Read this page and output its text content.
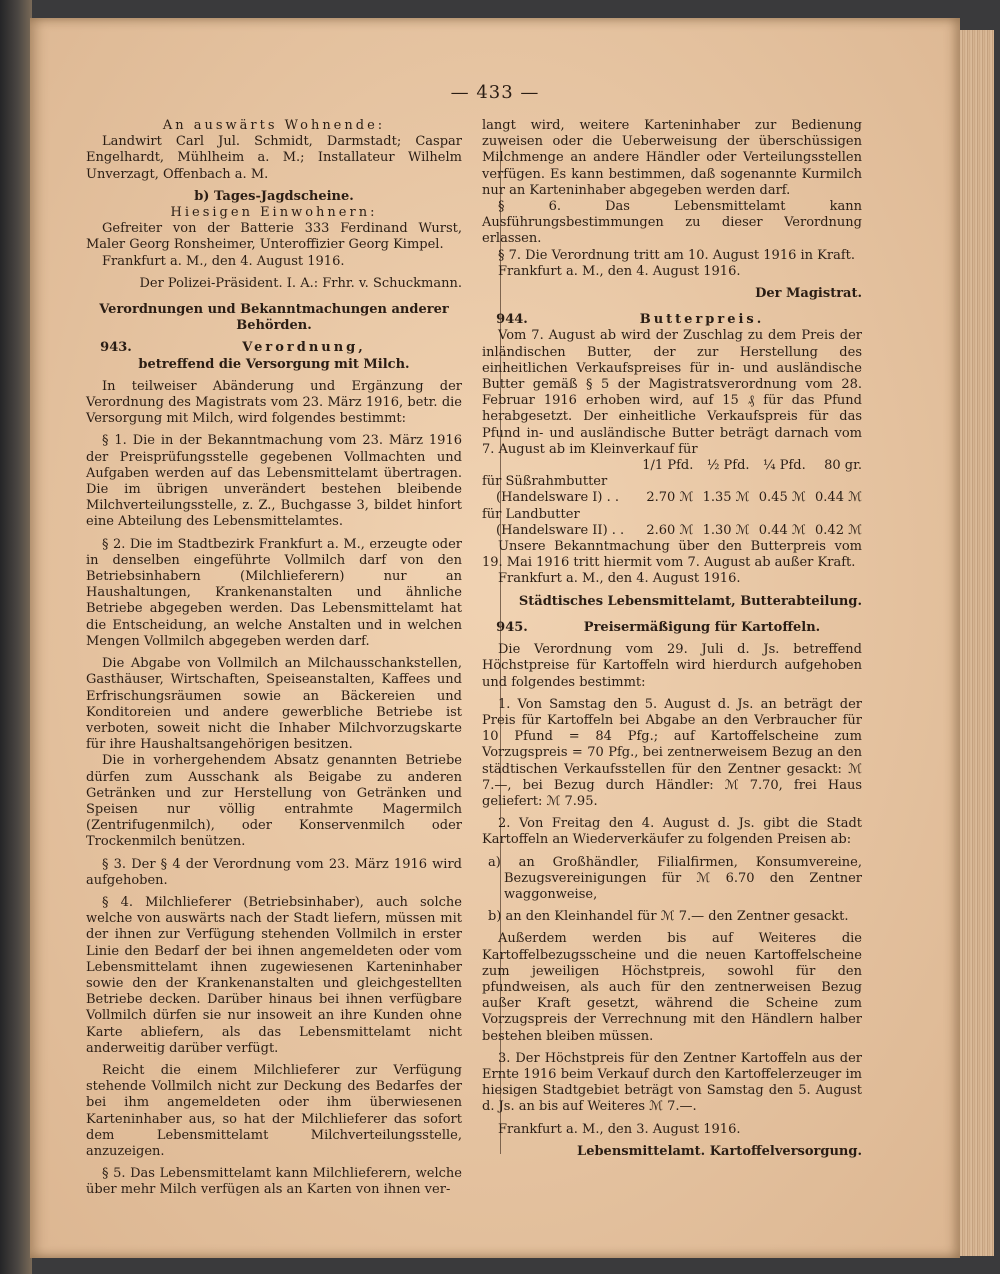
— 433 —

An auswärts Wohnende:

Landwirt Carl Jul. Schmidt, Darmstadt; Caspar Engelhardt, Mühlheim a. M.; Installateur Wilhelm Unverzagt, Offenbach a. M.

b) Tages-Jagdscheine.

Hiesigen Einwohnern:

Gefreiter von der Batterie 333 Ferdinand Wurst, Maler Georg Ronsheimer, Unteroffizier Georg Kimpel.

Frankfurt a. M., den 4. August 1916.

Der Polizei-Präsident. I. A.: Frhr. v. Schuckmann.

Verordnungen und Bekanntmachungen anderer Behörden.

943.	Verordnung,
betreffend die Versorgung mit Milch.

In teilweiser Abänderung und Ergänzung der Verordnung des Magistrats vom 23. März 1916, betr. die Versorgung mit Milch, wird folgendes bestimmt:

§ 1. Die in der Bekanntmachung vom 23. März 1916 der Preisprüfungsstelle gegebenen Vollmachten und Aufgaben werden auf das Lebensmittelamt übertragen. Die im übrigen unverändert bestehen bleibende Milchverteilungsstelle, z. Z., Buchgasse 3, bildet hinfort eine Abteilung des Lebensmittelamtes.

§ 2. Die im Stadtbezirk Frankfurt a. M., erzeugte oder in denselben eingeführte Vollmilch darf von den Betriebsinhabern (Milchlieferern) nur an Haushaltungen, Krankenanstalten und ähnliche Betriebe abgegeben werden. Das Lebensmittelamt hat die Entscheidung, an welche Anstalten und in welchen Mengen Vollmilch abgegeben werden darf.

Die Abgabe von Vollmilch an Milchausschankstellen, Gasthäuser, Wirtschaften, Speiseanstalten, Kaffees und Erfrischungsräumen sowie an Bäckereien und Konditoreien und andere gewerbliche Betriebe ist verboten, soweit nicht die Inhaber Milchvorzugskarte für ihre Haushaltsangehörigen besitzen.

Die in vorhergehendem Absatz genannten Betriebe dürfen zum Ausschank als Beigabe zu anderen Getränken und zur Herstellung von Getränken und Speisen nur völlig entrahmte Magermilch (Zentrifugenmilch), oder Konservenmilch oder Trockenmilch benützen.

§ 3. Der § 4 der Verordnung vom 23. März 1916 wird aufgehoben.

§ 4. Milchlieferer (Betriebsinhaber), auch solche welche von auswärts nach der Stadt liefern, müssen mit der ihnen zur Verfügung stehenden Vollmilch in erster Linie den Bedarf der bei ihnen angemeldeten oder vom Lebensmittelamt ihnen zugewiesenen Karteninhaber sowie den der Krankenanstalten und gleichgestellten Betriebe decken. Darüber hinaus bei ihnen verfügbare Vollmilch dürfen sie nur insoweit an ihre Kunden ohne Karte abliefern, als das Lebensmittelamt nicht anderweitig darüber verfügt.

Reicht die einem Milchlieferer zur Verfügung stehende Vollmilch nicht zur Deckung des Bedarfes der bei ihm angemeldeten oder ihm überwiesenen Karteninhaber aus, so hat der Milchlieferer das sofort dem Lebensmittelamt Milchverteilungsstelle, anzuzeigen.

§ 5. Das Lebensmittelamt kann Milchlieferern, welche über mehr Milch verfügen als an Karten von ihnen ver-

langt wird, weitere Karteninhaber zur Bedienung zuweisen oder die Ueberweisung der überschüssigen Milchmenge an andere Händler oder Verteilungsstellen verfügen. Es kann bestimmen, daß sogenannte Kurmilch nur an Karteninhaber abgegeben werden darf.

§ 6. Das Lebensmittelamt kann Ausführungsbestimmungen zu dieser Verordnung erlassen.

§ 7. Die Verordnung tritt am 10. August 1916 in Kraft.

Frankfurt a. M., den 4. August 1916.

Der Magistrat.

944.	Butterpreis.

Vom 7. August ab wird der Zuschlag zu dem Preis der inländischen Butter, der zur Herstellung des einheitlichen Verkaufspreises für in- und ausländische Butter gemäß § 5 der Magistratsverordnung vom 28. Februar 1916 erhoben wird, auf 15 ₰ für das Pfund herabgesetzt. Der einheitliche Verkaufspreis für das Pfund in- und ausländische Butter beträgt darnach vom 7. August ab im Kleinverkauf für

	1/1 Pfd.	½ Pfd.	¼ Pfd.	80 gr.
für Süßrahmbutter				
(Handelsware I) . .	2.70 ℳ	1.35 ℳ	0.45 ℳ	0.44 ℳ
für Landbutter				
(Handelsware II) . .	2.60 ℳ	1.30 ℳ	0.44 ℳ	0.42 ℳ

Unsere Bekanntmachung über den Butterpreis vom 19. Mai 1916 tritt hiermit vom 7. August ab außer Kraft.

Frankfurt a. M., den 4. August 1916.

Städtisches Lebensmittelamt, Butterabteilung.

945.	Preisermäßigung für Kartoffeln.

Die Verordnung vom 29. Juli d. Js. betreffend Höchstpreise für Kartoffeln wird hierdurch aufgehoben und folgendes bestimmt:

1. Von Samstag den 5. August d. Js. an beträgt der Preis für Kartoffeln bei Abgabe an den Verbraucher für 10 Pfund = 84 Pfg.; auf Kartoffelscheine zum Vorzugspreis = 70 Pfg., bei zentnerweisem Bezug an den städtischen Verkaufsstellen für den Zentner gesackt: ℳ 7.—, bei Bezug durch Händler: ℳ 7.70, frei Haus geliefert: ℳ 7.95.

2. Von Freitag den 4. August d. Js. gibt die Stadt Kartoffeln an Wiederverkäufer zu folgenden Preisen ab:

a) an Großhändler, Filialfirmen, Konsumvereine, Bezugsvereinigungen für ℳ 6.70 den Zentner waggonweise,

b) an den Kleinhandel für ℳ 7.— den Zentner gesackt.

Außerdem werden bis auf Weiteres die Kartoffelbezugsscheine und die neuen Kartoffelscheine zum jeweiligen Höchstpreis, sowohl für den pfundweisen, als auch für den zentnerweisen Bezug außer Kraft gesetzt, während die Scheine zum Vorzugspreis der Verrechnung mit den Händlern halber bestehen bleiben müssen.

3. Der Höchstpreis für den Zentner Kartoffeln aus der Ernte 1916 beim Verkauf durch den Kartoffelerzeuger im hiesigen Stadtgebiet beträgt von Samstag den 5. August d. Js. an bis auf Weiteres ℳ 7.—.

Frankfurt a. M., den 3. August 1916.

Lebensmittelamt. Kartoffelversorgung.
